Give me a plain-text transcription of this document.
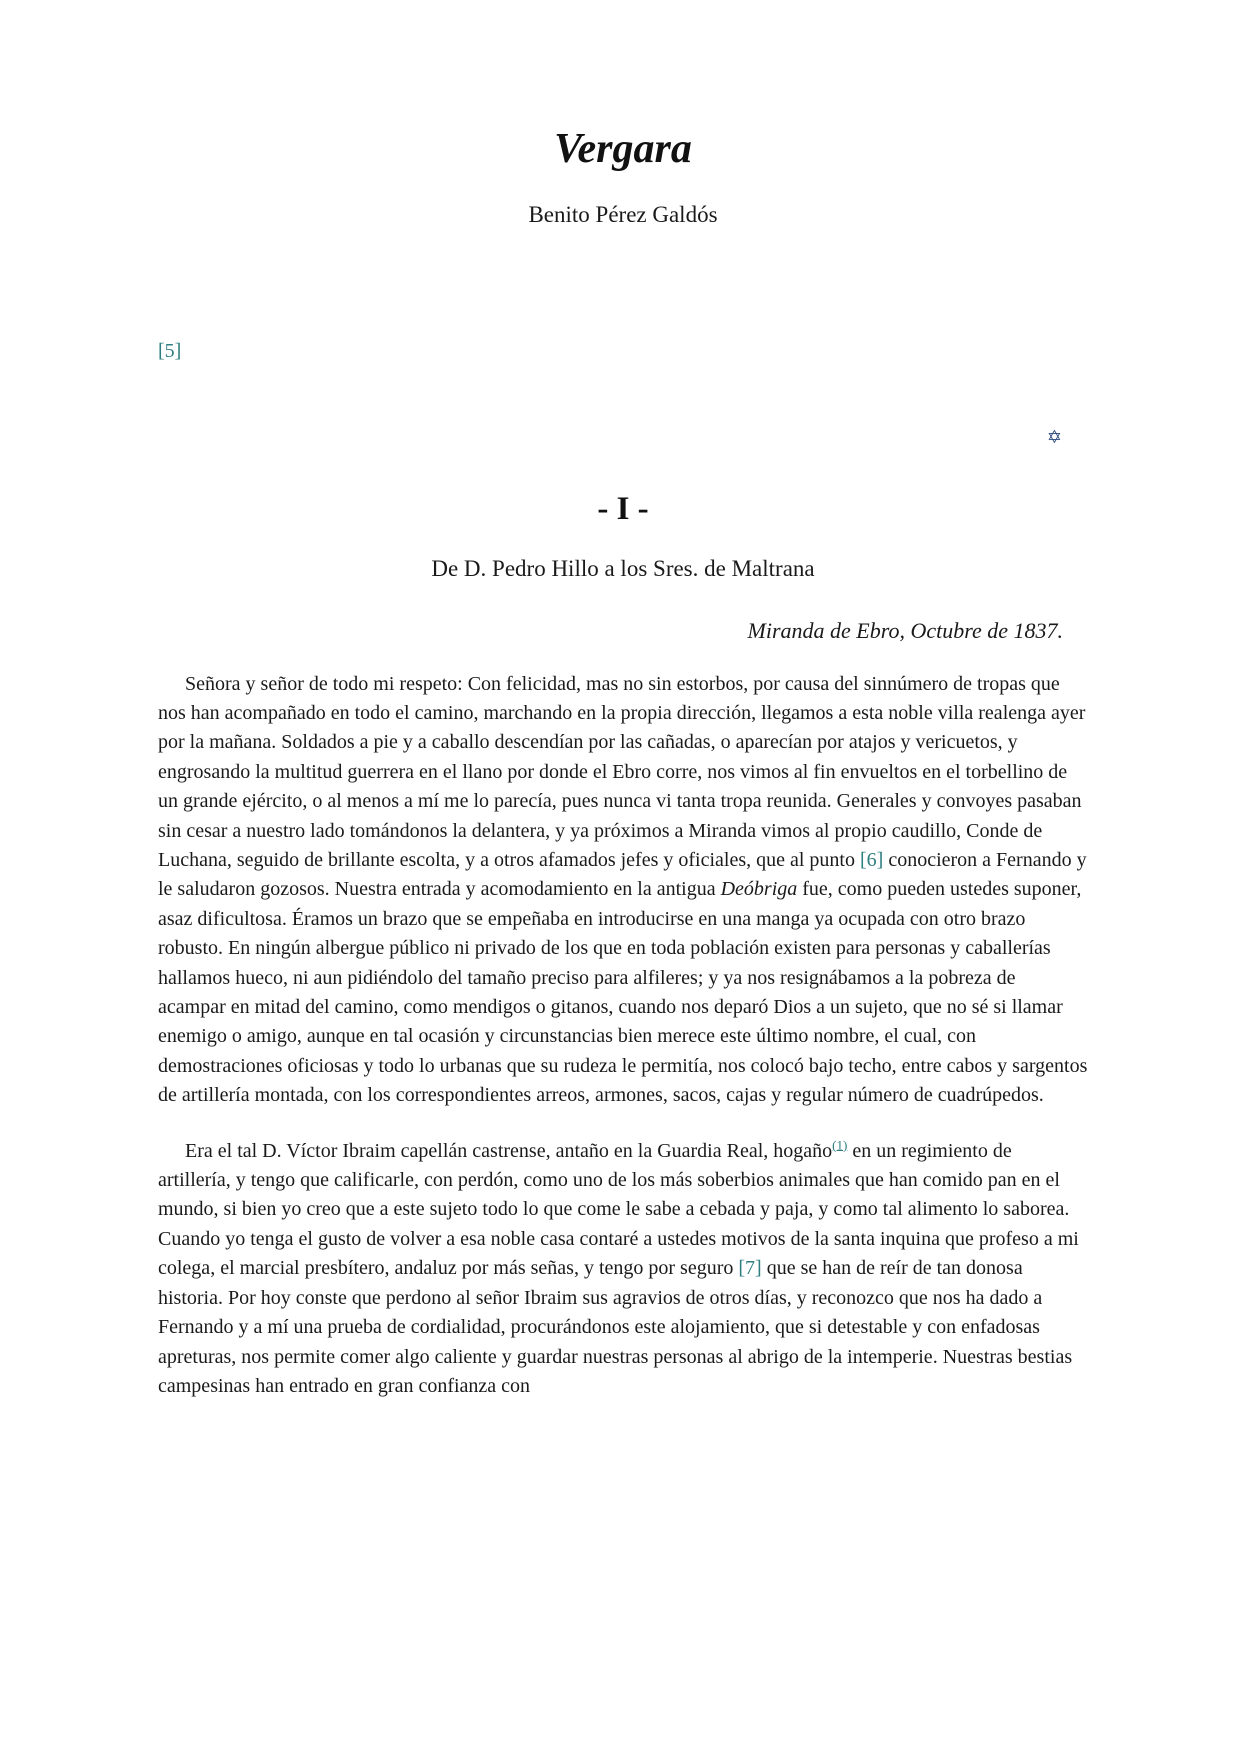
Vergara
Benito Pérez Galdós
[5]
✡
- I -
De D. Pedro Hillo a los Sres. de Maltrana
Miranda de Ebro, Octubre de 1837.

Señora y señor de todo mi respeto: Con felicidad, mas no sin estorbos, por causa del sinnúmero de tropas que nos han acompañado en todo el camino, marchando en la propia dirección, llegamos a esta noble villa realenga ayer por la mañana. Soldados a pie y a caballo descendían por las cañadas, o aparecían por atajos y vericuetos, y engrosando la multitud guerrera en el llano por donde el Ebro corre, nos vimos al fin envueltos en el torbellino de un grande ejército, o al menos a mí me lo parecía, pues nunca vi tanta tropa reunida. Generales y convoyes pasaban sin cesar a nuestro lado tomándonos la delantera, y ya próximos a Miranda vimos al propio caudillo, Conde de Luchana, seguido de brillante escolta, y a otros afamados jefes y oficiales, que al punto [6] conocieron a Fernando y le saludaron gozosos. Nuestra entrada y acomodamiento en la antigua Deóbriga fue, como pueden ustedes suponer, asaz dificultosa. Éramos un brazo que se empeñaba en introducirse en una manga ya ocupada con otro brazo robusto. En ningún albergue público ni privado de los que en toda población existen para personas y caballerías hallamos hueco, ni aun pidiéndolo del tamaño preciso para alfileres; y ya nos resignábamos a la pobreza de acampar en mitad del camino, como mendigos o gitanos, cuando nos deparó Dios a un sujeto, que no sé si llamar enemigo o amigo, aunque en tal ocasión y circunstancias bien merece este último nombre, el cual, con demostraciones oficiosas y todo lo urbanas que su rudeza le permitía, nos colocó bajo techo, entre cabos y sargentos de artillería montada, con los correspondientes arreos, armones, sacos, cajas y regular número de cuadrúpedos.

Era el tal D. Víctor Ibraim capellán castrense, antaño en la Guardia Real, hogaño$^{(1)}$ en un regimiento de artillería, y tengo que calificarle, con perdón, como uno de los más soberbios animales que han comido pan en el mundo, si bien yo creo que a este sujeto todo lo que come le sabe a cebada y paja, y como tal alimento lo saborea. Cuando yo tenga el gusto de volver a esa noble casa contaré a ustedes motivos de la santa inquina que profeso a mi colega, el marcial presbítero, andaluz por más señas, y tengo por seguro [7] que se han de reír de tan donosa historia. Por hoy conste que perdono al señor Ibraim sus agravios de otros días, y reconozco que nos ha dado a Fernando y a mí una prueba de cordialidad, procurándonos este alojamiento, que si detestable y con enfadosas apreturas, nos permite comer algo caliente y guardar nuestras personas al abrigo de la intemperie. Nuestras bestias campesinas han entrado en gran confianza con
